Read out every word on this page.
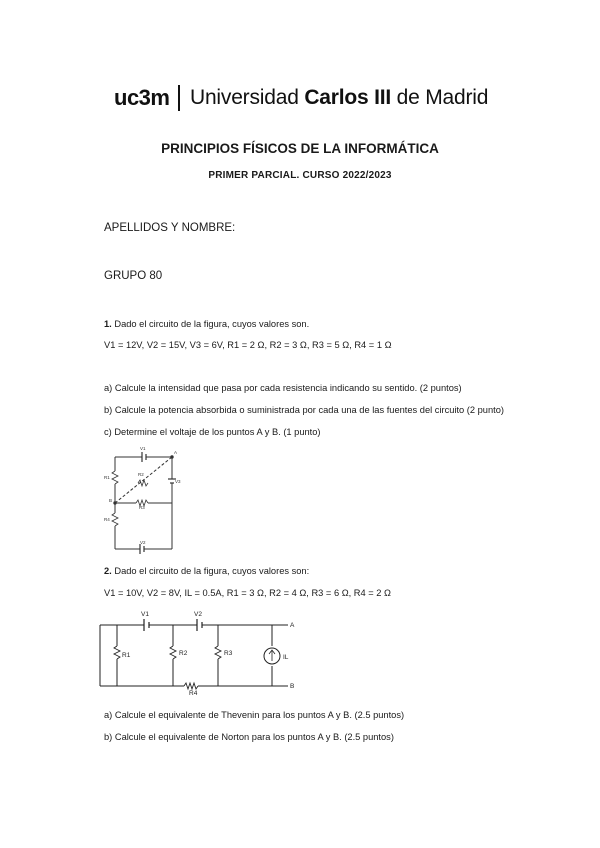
uc3m Universidad Carlos III de Madrid
PRINCIPIOS FÍSICOS DE LA INFORMÁTICA
PRIMER PARCIAL. CURSO 2022/2023
APELLIDOS Y NOMBRE:
GRUPO 80
1. Dado el circuito de la figura, cuyos valores son.
V1 = 12V, V2 = 15V, V3 = 6V, R1 = 2 Ω, R2 = 3 Ω, R3 = 5 Ω, R4 = 1 Ω
a) Calcule la intensidad que pasa por cada resistencia indicando su sentido. (2 puntos)
b) Calcule la potencia absorbida o suministrada por cada una de las fuentes del circuito (2 punto)
c) Determine el voltaje de los puntos A y B. (1 punto)
V1
V3
V2
R1
R2
R3
R4
A
B
2. Dado el circuito de la figura, cuyos valores son:
V1 = 10V, V2 = 8V, IL = 0.5A, R1 = 3 Ω, R2 = 4 Ω, R3 = 6 Ω, R4 = 2 Ω
V1	V2
R1	R2	R3
R4
IL
A
B
a) Calcule el equivalente de Thevenin para los puntos A y B. (2.5 puntos)
b) Calcule el equivalente de Norton para los puntos A y B. (2.5 puntos)
